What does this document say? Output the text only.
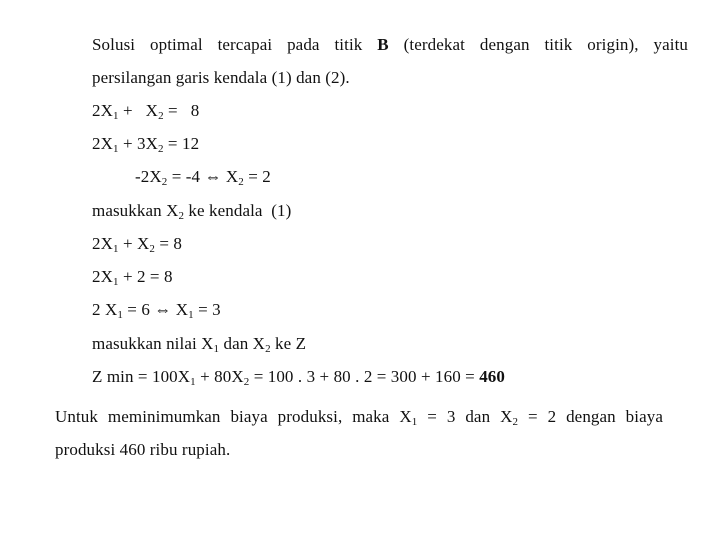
Solusi optimal tercapai pada titik B (terdekat dengan titik origin), yaitu
persilangan garis kendala (1) dan (2).
$2X_1 + X_2 = 8$
$2X_1 + 3X_2 = 12$
$-2X_2 = -4$ ⇔ $X_2 = 2$
masukkan $X_2$ ke kendala  (1)
$2X_1 + X_2 = 8$
$2X_1 + 2 = 8$
2 $X_1 = 6$ ⇔ $X_1 = 3$
masukkan nilai $X_1$ dan $X_2$ ke Z
Z $\min = 100X_1 + 80X_2 = 100$ . 3 + 80 . 2 = 300 + 160 = 460
Untuk meminimumkan biaya produksi, maka $X_1 = 3$ dan $X_2 = 2$ dengan biaya
produksi 460 ribu rupiah.
